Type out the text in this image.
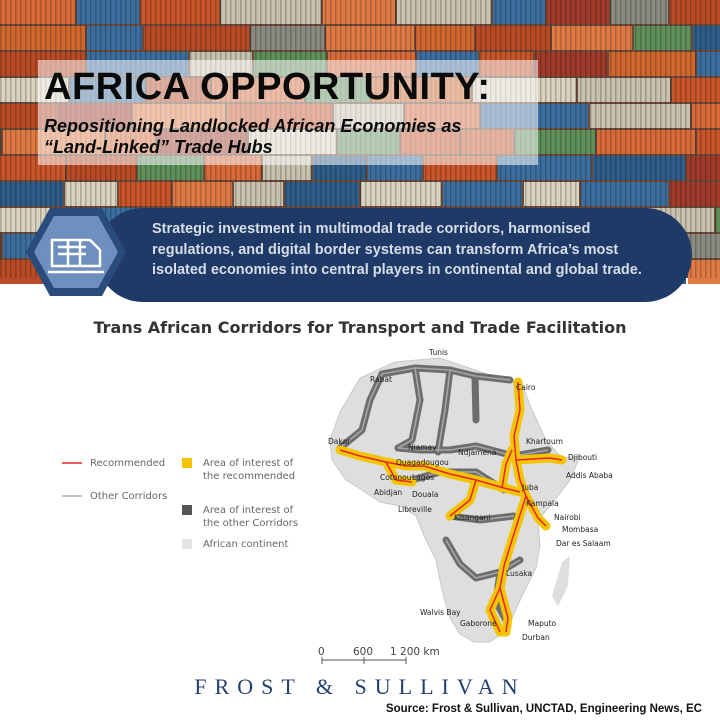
AFRICA OPPORTUNITY:
Repositioning Landlocked African Economies as “Land-Linked” Trade Hubs
Strategic investment in multimodal trade corridors, harmonised regulations, and digital border systems can transform Africa’s most isolated economies into central players in continental and global trade.
Trans African Corridors for Transport and Trade Facilitation
Recommended
Other Corridors
Area of interest of the recommended
Area of interest of the other Corridors
African continent
Tunis
Rabat
Cairo
Dakar
Niamey
Ouagadougou
Ndjamena
Khartoum
Djibouti
Cotonou Lagos	Addis Ababa
Abidjan Douala
Juba
Kampala
Libreville
Kisangani	Nairobi
Mombasa
Dar es Salaam
Lusaka
Walvis Bay
Gaborone	Maputo
Durban
0	600 1 200 km
FROST & SULLIVAN
Source: Frost & Sullivan, UNCTAD, Engineering News, EC
